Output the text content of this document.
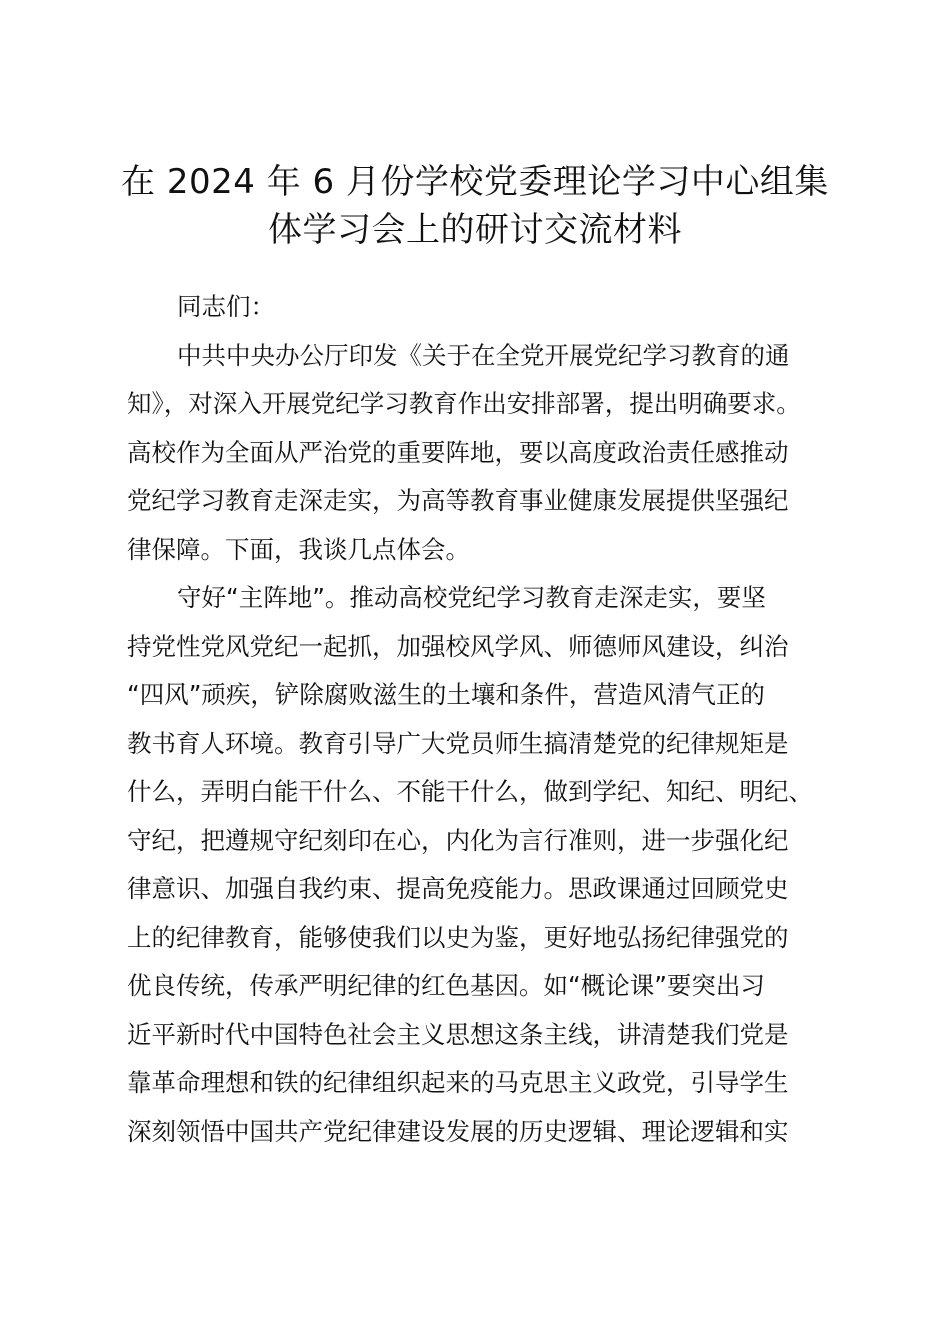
在 2024 年 6 月份学校党委理论学习中心组集
体学习会上的研讨交流材料
同志们：
中共中央办公厅印发《关于在全党开展党纪学习教育的通
知》，对深入开展党纪学习教育作出安排部署，提出明确要求。
高校作为全面从严治党的重要阵地，要以高度政治责任感推动
党纪学习教育走深走实，为高等教育事业健康发展提供坚强纪
律保障。下面，我谈几点体会。
守好“主阵地”。推动高校党纪学习教育走深走实，要坚
持党性党风党纪一起抓，加强校风学风、师德师风建设，纠治
“四风”顽疾，铲除腐败滋生的土壤和条件，营造风清气正的
教书育人环境。教育引导广大党员师生搞清楚党的纪律规矩是
什么，弄明白能干什么、不能干什么，做到学纪、知纪、明纪、
守纪，把遵规守纪刻印在心，内化为言行准则，进一步强化纪
律意识、加强自我约束、提高免疫能力。思政课通过回顾党史
上的纪律教育，能够使我们以史为鉴，更好地弘扬纪律强党的
优良传统，传承严明纪律的红色基因。如“概论课”要突出习
近平新时代中国特色社会主义思想这条主线，讲清楚我们党是
靠革命理想和铁的纪律组织起来的马克思主义政党，引导学生
深刻领悟中国共产党纪律建设发展的历史逻辑、理论逻辑和实
